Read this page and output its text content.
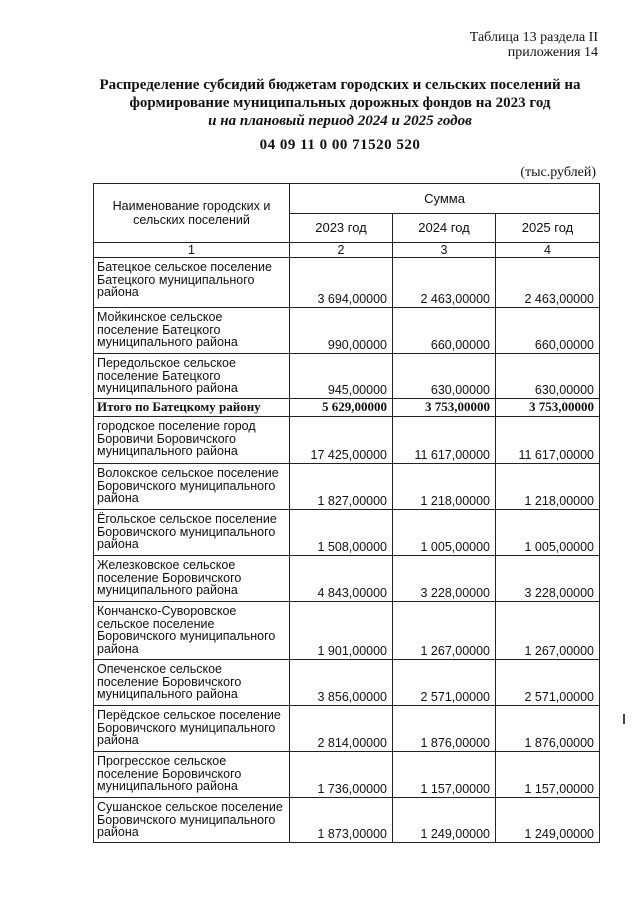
Таблица 13 раздела II
приложения 14
Распределение субсидий бюджетам городских и сельских поселений на
формирование муниципальных дорожных фондов на 2023 год
и на плановый период 2024 и 2025 годов
04 09 11 0 00 71520 520
(тыс.рублей)
Наименование городских и сельских поселений	Сумма		
	2023 год	2024 год	2025 год
1	2	3	4
Батецкое сельское поселение Батецкого муниципального района	3 694,00000	2 463,00000	2 463,00000
Мойкинское сельское поселение Батецкого муниципального района	990,00000	660,00000	660,00000
Передольское сельское поселение Батецкого муниципального района	945,00000	630,00000	630,00000
Итого по Батецкому району	5 629,00000	3 753,00000	3 753,00000
городское поселение город Боровичи Боровичского муниципального района	17 425,00000	11 617,00000	11 617,00000
Волокское сельское поселение Боровичского муниципального района	1 827,00000	1 218,00000	1 218,00000
Ёгольское сельское поселение Боровичского муниципального района	1 508,00000	1 005,00000	1 005,00000
Железковское сельское поселение Боровичского муниципального района	4 843,00000	3 228,00000	3 228,00000
Кончанско-Суворовское сельское поселение Боровичского муниципального района	1 901,00000	1 267,00000	1 267,00000
Опеченское сельское поселение Боровичского муниципального района	3 856,00000	2 571,00000	2 571,00000
Перёдское сельское поселение Боровичского муниципального района	2 814,00000	1 876,00000	1 876,00000
Прогресское сельское поселение Боровичского муниципального района	1 736,00000	1 157,00000	1 157,00000
Сушанское сельское поселение Боровичского муниципального района	1 873,00000	1 249,00000	1 249,00000
